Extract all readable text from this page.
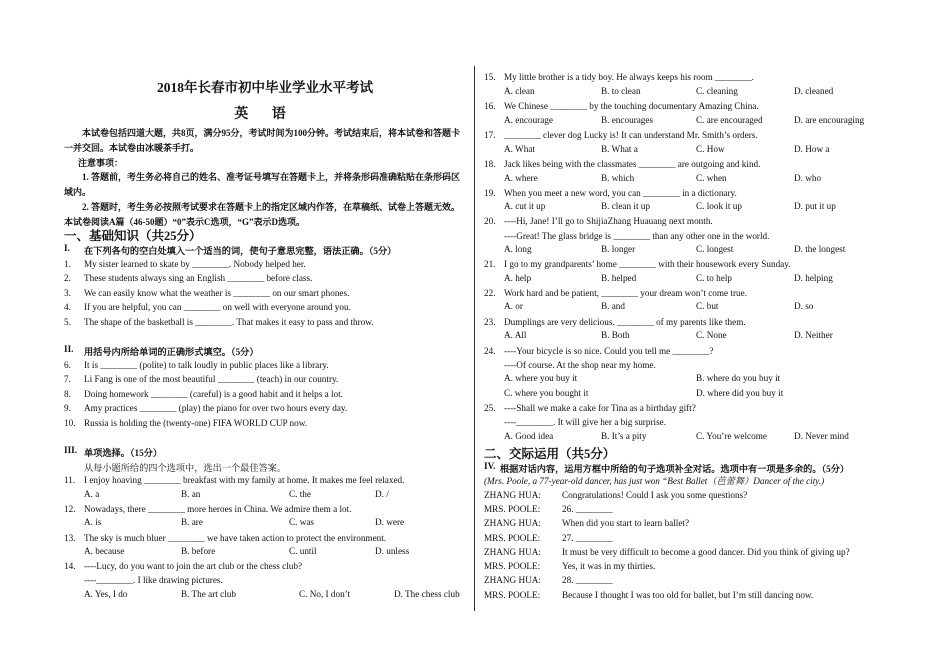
2018年长春市初中毕业学业水平考试
英 语
本试卷包括四道大题，共8页，满分95分，考试时间为100分钟。考试结束后，将本试卷和答题卡一并交回。本试卷由冰暖茶手打。
注意事项：
1. 答题前，考生务必将自己的姓名、准考证号填写在答题卡上，并将条形码准确粘贴在条形码区域内。
2. 答题时，考生务必按照考试要求在答题卡上的指定区域内作答，在草稿纸、试卷上答题无效。本试卷阅读A篇（46-50题）“0”表示C选项，“G”表示D选项。
一、基础知识（共25分）
I. 在下列各句的空白处填入一个适当的词，使句子意思完整，语法正确。（5分）
1. My sister learned to skate by ________. Nobody helped her.
2. These students always sing an English ________ before class.
3. We can easily know what the weather is ________ on our smart phones.
4. If you are helpful, you can ________ on well with everyone around you.
5. The shape of the basketball is ________. That makes it easy to pass and throw.
II. 用括号内所给单词的正确形式填空。（5分）
6. It is ________ (polite) to talk loudly in public places like a library.
7. Li Fang is one of the most beautiful ________ (teach) in our country.
8. Doing homework ________ (careful) is a good habit and it helps a lot.
9. Amy practices ________ (play) the piano for over two hours every day.
10. Russia is holding the (twenty-one) FIFA WORLD CUP now.
III. 单项选择。（15分）
从每小题所给的四个选项中，选出一个最佳答案。
11. I enjoy hoaving ________ breakfast with my family at home. It makes me feel relaxed.
A. a	B. an	C. the	D. /
12. Nowadays, there ________ more heroes in China. We admire them a lot.
A. is	B. are	C. was	D. were
13. The sky is much bluer ________ we have taken action to protect the environment.
A. because	B. before	C. until	D. unless
14. ----Lucy, do you want to join the art club or the chess club?
----________. I like drawing pictures.
A. Yes, I do	B. The art club	C. No, I don’t	D. The chess club
15. My little brother is a tidy boy. He always keeps his room ________.
A. clean	B. to clean	C. cleaning	D. cleaned
16. We Chinese ________ by the touching documentary Amazing China.
A. encourage	B. encourages	C. are encouraged	D. are encouraging
17. ________ clever dog Lucky is! It can understand Mr. Smith’s orders.
A. What	B. What a	C. How	D. How a
18. Jack likes being with the classmates ________ are outgoing and kind.
A. where	B. which	C. when	D. who
19. When you meet a new word, you can ________ in a dictionary.
A. cut it up	B. clean it up	C. look it up	D. put it up
20. ----Hi, Jane! I’ll go to ShijiaZhang Huauang next month.
----Great! The glass bridge is ________ than any other one in the world.
A. long	B. longer	C. longest	D. the longest
21. I go to my grandparents’ home ________ with their housework every Sunday.
A. help	B. helped	C. to help	D. helping
22. Work hard and be patient, ________ your dream won’t come true.
A. or	B. and	C. but	D. so
23. Dumplings are very delicious. ________ of my parents like them.
A. All	B. Both	C. None	D. Neither
24. ----Your bicycle is so nice. Could you tell me ________?
----Of course. At the shop near my home.
A. where you buy it	B. where do you buy it
C. where you bought it	D. where did you buy it
25. ----Shall we make a cake for Tina as a birthday gift?
----________. It will give her a big surprise.
A. Good idea	B. It’s a pity	C. You’re welcome	D. Never mind
二、交际运用（共5分）
IV. 根据对话内容，运用方框中所给的句子选项补全对话。选项中有一项是多余的。（5分）
(Mrs. Poole, a 77-year-old dancer, has just won “Best Ballet（芭蕾舞）Dancer of the city.)
ZHANG HUA: Congratulations! Could I ask you some questions?
MRS. POOLE: 26. ________
ZHANG HUA: When did you start to learn ballet?
MRS. POOLE: 27. ________
ZHANG HUA: It must be very difficult to become a good dancer. Did you think of giving up?
MRS. POOLE: Yes, it was in my thirties.
ZHANG HUA: 28. ________
MRS. POOLE: Because I thought I was too old for ballet, but I’m still dancing now.
